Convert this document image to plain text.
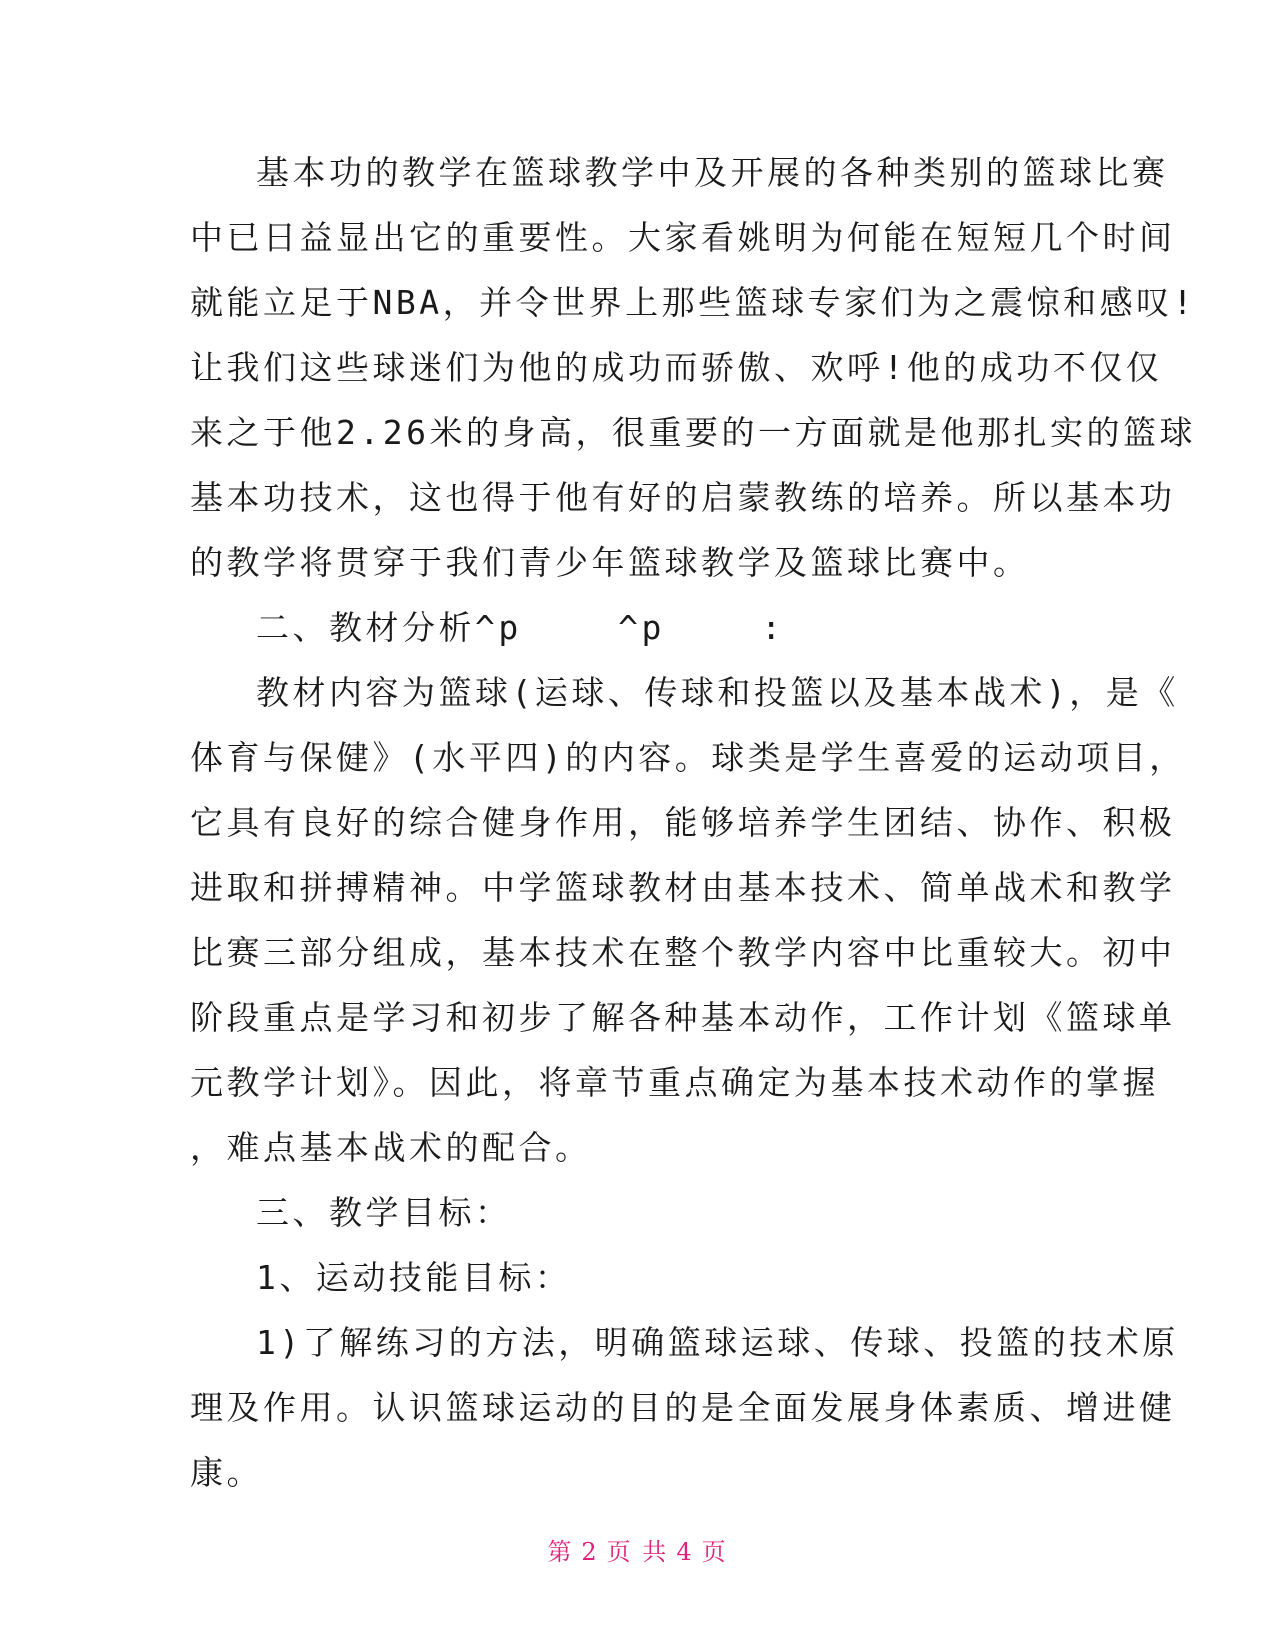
基本功的教学在篮球教学中及开展的各种类别的篮球比赛
中已日益显出它的重要性。大家看姚明为何能在短短几个时间
就能立足于NBA，并令世界上那些篮球专家们为之震惊和感叹!
让我们这些球迷们为他的成功而骄傲、欢呼!他的成功不仅仅
来之于他2.26米的身高，很重要的一方面就是他那扎实的篮球
基本功技术，这也得于他有好的启蒙教练的培养。所以基本功
的教学将贯穿于我们青少年篮球教学及篮球比赛中。
二、教材分析^p　　 ^p　　 :
教材内容为篮球(运球、传球和投篮以及基本战术)，是《
体育与保健》(水平四)的内容。球类是学生喜爱的运动项目，
它具有良好的综合健身作用，能够培养学生团结、协作、积极
进取和拼搏精神。中学篮球教材由基本技术、简单战术和教学
比赛三部分组成，基本技术在整个教学内容中比重较大。初中
阶段重点是学习和初步了解各种基本动作，工作计划《篮球单
元教学计划》。因此，将章节重点确定为基本技术动作的掌握
，难点基本战术的配合。
三、教学目标：
1、运动技能目标：
1)了解练习的方法，明确篮球运球、传球、投篮的技术原
理及作用。认识篮球运动的目的是全面发展身体素质、增进健
康。
第 2 页 共 4 页
